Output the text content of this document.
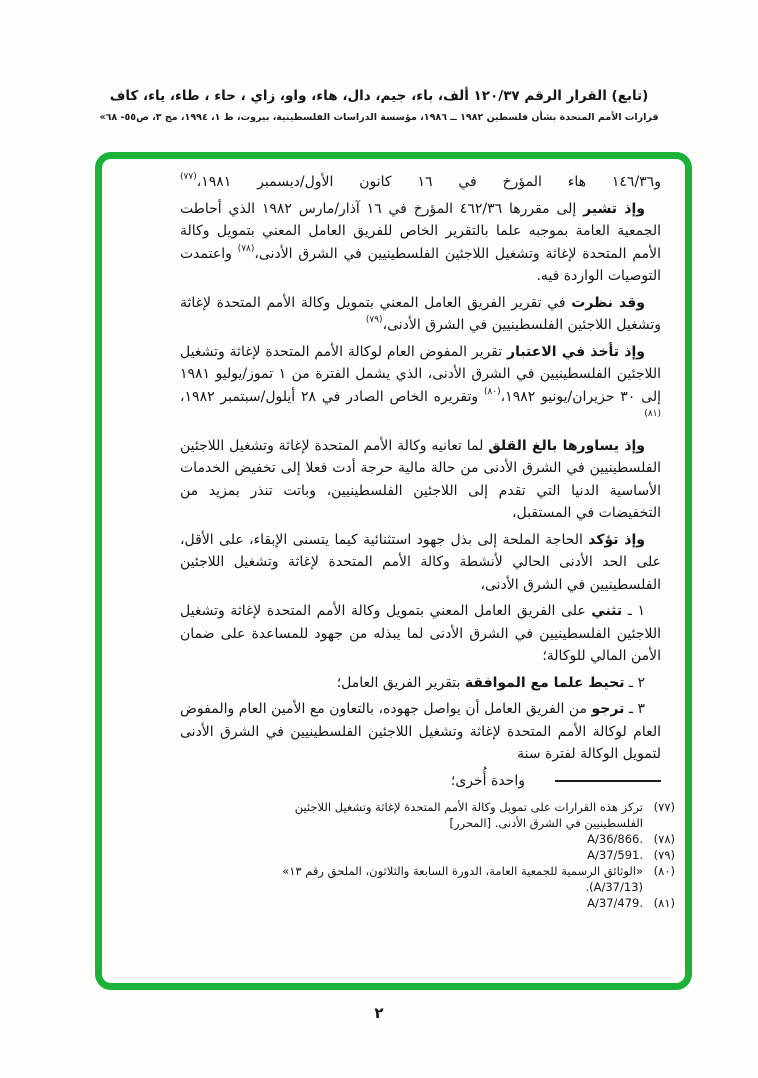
(تابع) القرار الرقم ١٢٠/٣٧ ألف، باء، جيم، دال، هاء، واو، زاي ، حاء ، طاء، ياء، كاف
قرارات الأمم المتحدة بشأن فلسطين ١٩٨٢ ــ ١٩٨٦، مؤسسة الدراسات الفلسطينية، بيروت، ط ١، ١٩٩٤، مج ٣، ص٥٥- ٦٨»

و١٤٦/٣٦ هاء المؤرخ في ١٦ كانون الأول/ديسمبر ١٩٨١،$^{(٧٧)}$

وإذ تشير إلى مقررها ٤٦٢/٣٦ المؤرخ في ١٦ آذار/مارس ١٩٨٢ الذي أحاطت الجمعية العامة بموجبه علما بالتقرير الخاص للفريق العامل المعني بتمويل وكالة الأمم المتحدة لإغاثة وتشغيل اللاجئين الفلسطينيين في الشرق الأدنى،$^{(٧٨)}$ واعتمدت التوصيات الواردة فيه.

وقد نظرت في تقرير الفريق العامل المعني بتمويل وكالة الأمم المتحدة لإغاثة وتشغيل اللاجئين الفلسطينيين في الشرق الأدنى،$^{(٧٩)}$

وإذ تأخذ في الاعتبار تقرير المفوض العام لوكالة الأمم المتحدة لإغاثة وتشغيل اللاجئين الفلسطينيين في الشرق الأدنى، الذي يشمل الفترة من ١ تموز/يوليو ١٩٨١ إلى ٣٠ حزيران/يونيو ١٩٨٢،$^{(٨٠)}$ وتقريره الخاص الصادر في ٢٨ أيلول/سبتمبر ١٩٨٢،$^{(٨١)}$

وإذ يساورها بالغ القلق لما تعانيه وكالة الأمم المتحدة لإغاثة وتشغيل اللاجئين الفلسطينيين في الشرق الأدنى من حالة مالية حرجة أدت فعلا إلى تخفيض الخدمات الأساسية الدنيا التي تقدم إلى اللاجئين الفلسطينيين، وباتت تنذر بمزيد من التخفيضات في المستقبل،

وإذ تؤكد الحاجة الملحة إلى بذل جهود استثنائية كيما يتسنى الإبقاء، على الأقل، على الحد الأدنى الحالي لأنشطة وكالة الأمم المتحدة لإغاثة وتشغيل اللاجئين الفلسطينيين في الشرق الأدنى،

١ ـ تثني على الفريق العامل المعني بتمويل وكالة الأمم المتحدة لإغاثة وتشغيل اللاجئين الفلسطينيين في الشرق الأدنى لما يبذله من جهود للمساعدة على ضمان الأمن المالي للوكالة؛

٢ ـ تحيط علما مع الموافقة بتقرير الفريق العامل؛

٣ ـ ترجو من الفريق العامل أن يواصل جهوده، بالتعاون مع الأمين العام والمفوض العام لوكالة الأمم المتحدة لإغاثة وتشغيل اللاجئين الفلسطينيين في الشرق الأدنى لتمويل الوكالة لفترة سنة

واحدة أُخرى؛
(٧٧)
تركز هذه القرارات على تمويل وكالة الأمم المتحدة لإغاثة وتشغيل اللاجئين الفلسطينيين في الشرق الأدنى. [المحرر]
(٧٨)
A/36/866.
(٧٩)
A/37/591.
(٨٠)
«الوثائق الرسمية للجمعية العامة، الدورة السابعة والثلاثون، الملحق رقم ١٣» (A/37/13).
(٨١)
A/37/479.
٢
